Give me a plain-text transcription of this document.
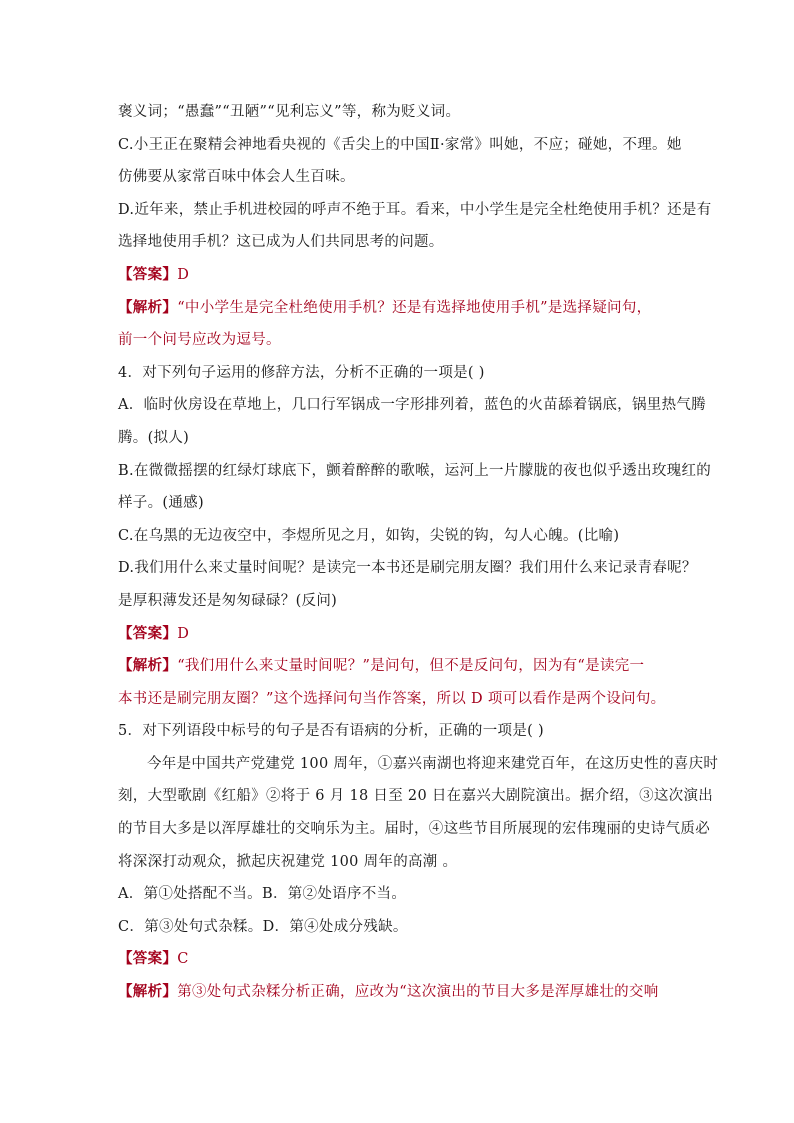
褒义词；“愚蠢”“丑陋”“见利忘义”等，称为贬义词。
C.小王正在聚精会神地看央视的《舌尖上的中国Ⅱ·家常》叫她，不应；碰她，不理。她
仿佛要从家常百味中体会人生百味。
D.近年来，禁止手机进校园的呼声不绝于耳。看来，中小学生是完全杜绝使用手机？还是有
选择地使用手机？这已成为人们共同思考的问题。
【答案】D
【解析】“中小学生是完全杜绝使用手机？还是有选择地使用手机”是选择疑问句，
前一个问号应改为逗号。
4．对下列句子运用的修辞方法，分析不正确的一项是( )
A．临时伙房设在草地上，几口行军锅成一字形排列着，蓝色的火苗舔着锅底，锅里热气腾
腾。(拟人)
B.在微微摇摆的红绿灯球底下，颤着醉醉的歌喉，运河上一片朦胧的夜也似乎透出玫瑰红的
样子。(通感)
C.在乌黑的无边夜空中，李煜所见之月，如钩，尖锐的钩，勾人心魄。(比喻)
D.我们用什么来丈量时间呢？是读完一本书还是刷完朋友圈？我们用什么来记录青春呢？
是厚积薄发还是匆匆碌碌？(反问)
【答案】D
【解析】“我们用什么来丈量时间呢？”是问句，但不是反问句，因为有“是读完一
本书还是刷完朋友圈？”这个选择问句当作答案，所以 D 项可以看作是两个设问句。
5．对下列语段中标号的句子是否有语病的分析，正确的一项是( )
今年是中国共产党建党 100 周年，①嘉兴南湖也将迎来建党百年，在这历史性的喜庆时
刻，大型歌剧《红船》②将于 6 月 18 日至 20 日在嘉兴大剧院演出。据介绍，③这次演出
的节目大多是以浑厚雄壮的交响乐为主。届时，④这些节目所展现的宏伟瑰丽的史诗气质必
将深深打动观众，掀起庆祝建党 100 周年的高潮 。
A．第①处搭配不当。B．第②处语序不当。
C．第③处句式杂糅。D．第④处成分残缺。
【答案】C
【解析】第③处句式杂糅分析正确，应改为“这次演出的节目大多是浑厚雄壮的交响
